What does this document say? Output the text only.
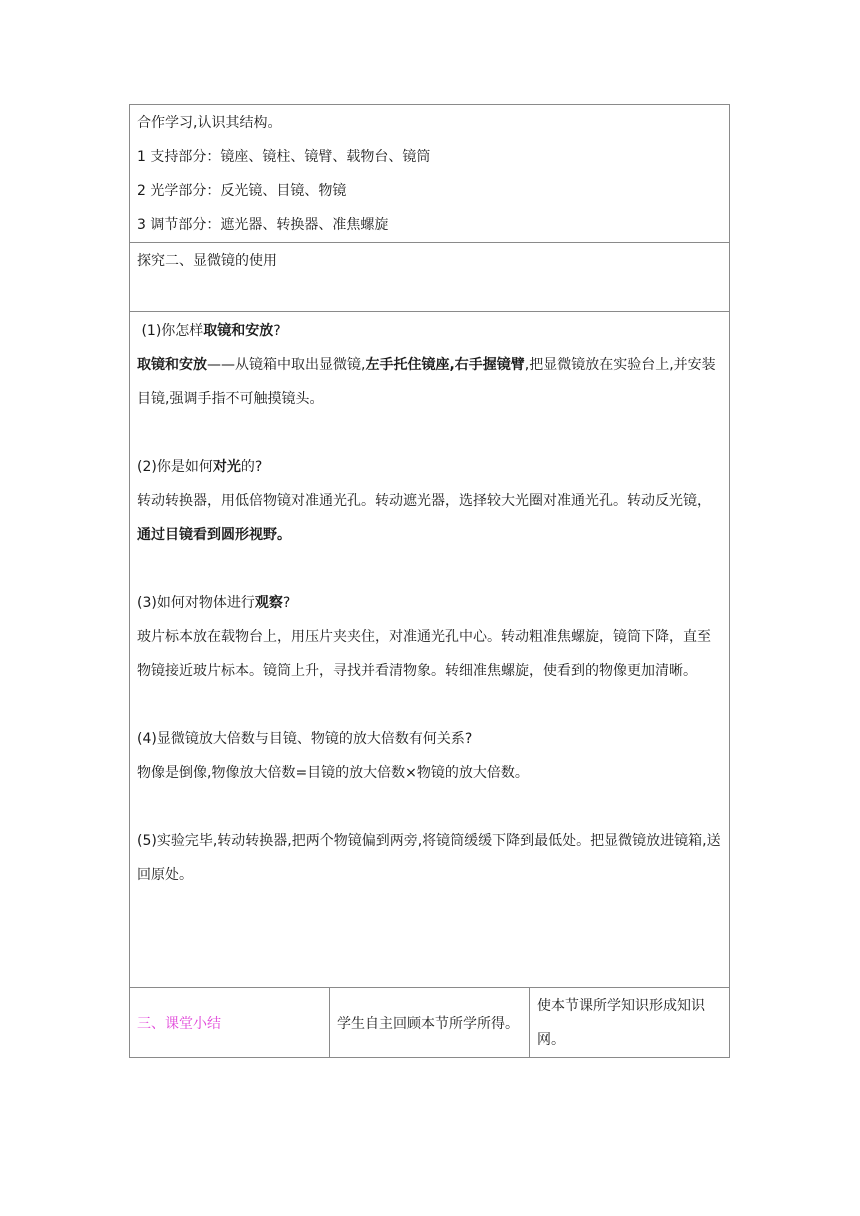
合作学习,认识其结构。
1 支持部分：镜座、镜柱、镜臂、载物台、镜筒
2 光学部分：反光镜、目镜、物镜
3 调节部分：遮光器、转换器、准焦螺旋

探究二、显微镜的使用

(1)你怎样取镜和安放?
取镜和安放——从镜箱中取出显微镜,左手托住镜座,右手握镜臂,把显微镜放在实验台上,并安装目镜,强调手指不可触摸镜头。
(2)你是如何对光的?
转动转换器，用低倍物镜对准通光孔。转动遮光器，选择较大光圈对准通光孔。转动反光镜，通过目镜看到圆形视野。
(3)如何对物体进行观察?
玻片标本放在载物台上，用压片夹夹住，对准通光孔中心。转动粗准焦螺旋，镜筒下降，直至物镜接近玻片标本。镜筒上升，寻找并看清物象。转细准焦螺旋，使看到的物像更加清晰。
(4)显微镜放大倍数与目镜、物镜的放大倍数有何关系?
物像是倒像,物像放大倍数=目镜的放大倍数×物镜的放大倍数。
(5)实验完毕,转动转换器,把两个物镜偏到两旁,将镜筒缓缓下降到最低处。把显微镜放进镜箱,送回原处。

三、课堂小结	学生自主回顾本节所学所得。	使本节课所学知识形成知识网。
